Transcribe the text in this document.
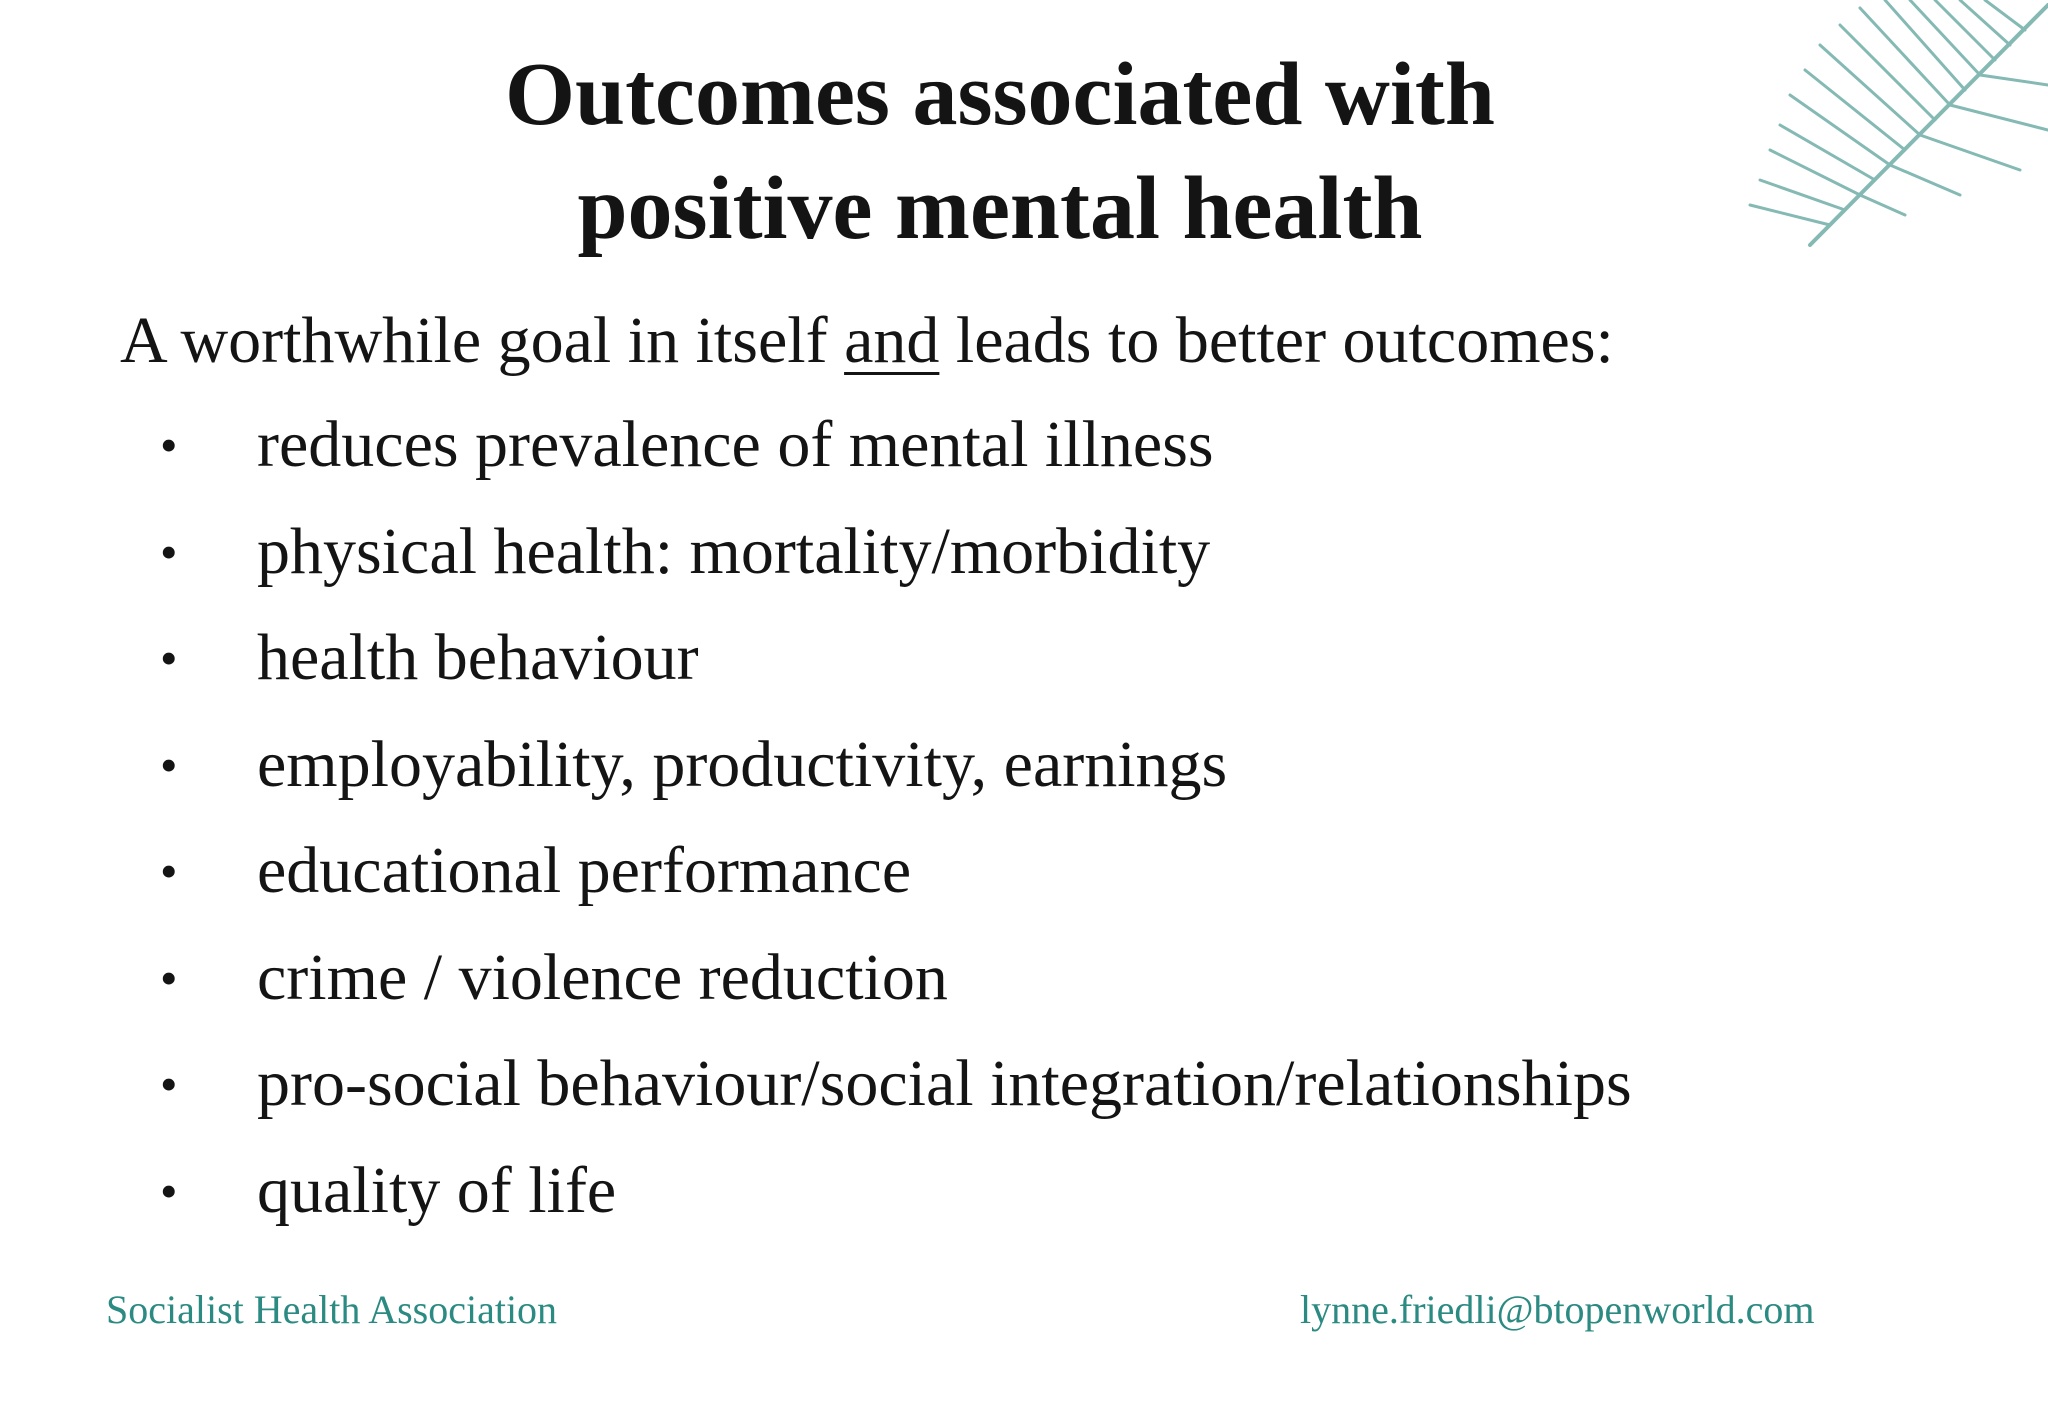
Outcomes associated with
positive mental health
A worthwhile goal in itself and leads to better outcomes:
• reduces prevalence of mental illness
• physical health: mortality/morbidity
• health behaviour
• employability, productivity, earnings
• educational performance
• crime / violence reduction
• pro-social behaviour/social integration/relationships
• quality of life
Socialist Health Association	lynne.friedli@btopenworld.com
